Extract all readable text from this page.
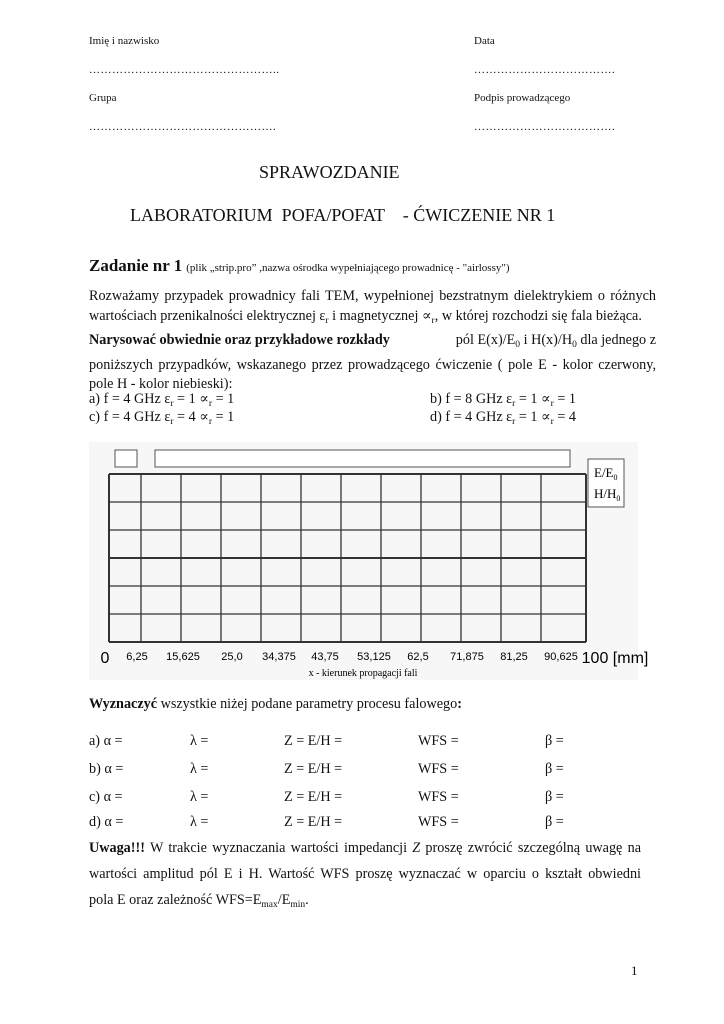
Imię i nazwisko	Data
…………………………………………..	……………………………….
Grupa	Podpis prowadzącego
………………………………………….	……………………………….
SPRAWOZDANIE
LABORATORIUM  POFA/POFAT    - ĆWICZENIE NR 1
Zadanie nr 1 (plik „strip.pro” ,nazwa ośrodka wypełniającego prowadnicę - "airlossy")
Rozważamy przypadek prowadnicy fali TEM, wypełnionej bezstratnym dielektrykiem o różnych
wartościach przenikalności elektrycznej $\varepsilon_r$ i magnetycznej $\propto_r$, w której rozchodzi się fala bieżąca.
Narysować obwiednie oraz przykładowe rozkłady	pól $E(x)/E_0$ i $H(x)/H_0$ dla jednego z
poniższych przypadków, wskazanego przez prowadzącego ćwiczenie ( pole E - kolor czerwony,
pole H - kolor niebieski):
a) f = 4 GHz $\varepsilon_r = 1 \propto_r = 1$	b) f = 8 GHz $\varepsilon_r = 1 \propto_r = 1$
c) f = 4 GHz $\varepsilon_r = 4 \propto_r = 1$	d) f = 4 GHz $\varepsilon_r = 1 \propto_r = 4$
$E/E_0$
$H/H_0$
0 6,25 15,625 25,0 34,375 43,75 53,125 62,5 71,875 81,25 90,625 100 [mm]
x - kierunek propagacji fali
Wyznaczyć wszystkie niżej podane parametry procesu falowego:
a) α =	λ =	Z = E/H =	WFS =	β =
b) α =	λ =	Z = E/H =	WFS =	β =
c) α =	λ =	Z = E/H =	WFS =	β =
d) α =	λ =	Z = E/H =	WFS =	β =
Uwaga!!! W trakcie wyznaczania wartości impedancji Z proszę zwrócić szczególną uwagę na
wartości amplitud pól E i H. Wartość WFS proszę wyznaczać w oparciu o kształt obwiedni
pola E oraz zależność $WFS=E_{max}/E_{min}$.
1
